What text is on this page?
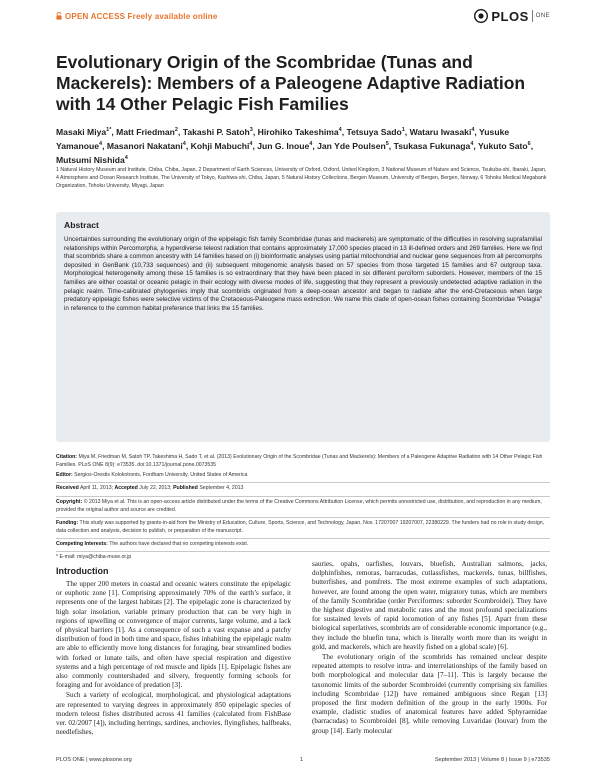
OPEN ACCESS Freely available online	PLOS ONE
Evolutionary Origin of the Scombridae (Tunas and Mackerels): Members of a Paleogene Adaptive Radiation with 14 Other Pelagic Fish Families
Masaki Miya$^{1*}$, Matt Friedman$^2$, Takashi P. Satoh$^3$, Hirohiko Takeshima$^4$, Tetsuya Sado$^1$, Wataru Iwasaki$^4$, Yusuke Yamanoue$^4$, Masanori Nakatani$^4$, Kohji Mabuchi$^4$, Jun G. Inoue$^4$, Jan Yde Poulsen$^5$, Tsukasa Fukunaga$^4$, Yukuto Sato$^6$, Mutsumi Nishida$^4$
1 Natural History Museum and Institute, Chiba, Chiba, Japan, 2 Department of Earth Sciences, University of Oxford, Oxford, United Kingdom, 3 National Museum of Nature and Science, Tsukuba-shi, Ibaraki, Japan, 4 Atmosphere and Ocean Research Institute, The University of Tokyo, Kashiwa-shi, Chiba, Japan, 5 Natural History Collections, Bergen Museum, University of Bergen, Bergen, Norway, 6 Tohoku Medical Megabank Organization, Tohoku University, Miyagi, Japan
Abstract
Uncertainties surrounding the evolutionary origin of the epipelagic fish family Scombridae (tunas and mackerels) are symptomatic of the difficulties in resolving suprafamilial relationships within Percomorpha, a hyperdiverse teleost radiation that contains approximately 17,000 species placed in 13 ill-defined orders and 269 families. Here we find that scombrids share a common ancestry with 14 families based on (i) bioinformatic analyses using partial mitochondrial and nuclear gene sequences from all percomorphs deposited in GenBank (10,733 sequences) and (ii) subsequent mitogenomic analysis based on 57 species from those targeted 15 families and 67 outgroup taxa. Morphological heterogeneity among these 15 families is so extraordinary that they have been placed in six different perciform suborders. However, members of the 15 families are either coastal or oceanic pelagic in their ecology with diverse modes of life, suggesting that they represent a previously undetected adaptive radiation in the pelagic realm. Time-calibrated phylogenies imply that scombrids originated from a deep-ocean ancestor and began to radiate after the end-Cretaceous when large predatory epipelagic fishes were selective victims of the Cretaceous-Paleogene mass extinction. We name this clade of open-ocean fishes containing Scombridae “Pelagia” in reference to the common habitat preference that links the 15 families.
Citation: Miya M, Friedman M, Satoh TP, Takeshima H, Sado T, et al. (2013) Evolutionary Origin of the Scombridae (Tunas and Mackerels): Members of a Paleogene Adaptive Radiation with 14 Other Pelagic Fish Families. PLoS ONE 8(9): e73535. doi:10.1371/journal.pone.0073535
Editor: Sergios-Orestis Kolokotronis, Fordham University, United States of America
Received April 11, 2013; Accepted July 22, 2013; Published September 4, 2013
Copyright: © 2013 Miya et al. This is an open-access article distributed under the terms of the Creative Commons Attribution License, which permits unrestricted use, distribution, and reproduction in any medium, provided the original author and source are credited.
Funding: This study was supported by grants-in-aid from the Ministry of Education, Culture, Sports, Science, and Technology, Japan, Nos. 17207007 19207007, 22380229. The funders had no role in study design, data collection and analysis, decision to publish, or preparation of the manuscript.
Competing Interests: The authors have declared that no competing interests exist.
* E-mail: miya@chiba-muse.or.jp
Introduction

The upper 200 meters in coastal and oceanic waters constitute the epipelagic or euphotic zone [1]. Comprising approximately 70% of the earth’s surface, it represents one of the largest habitats [2]. The epipelagic zone is characterized by high solar insolation, variable primary production that can be very high in regions of upwelling or convergence of major currents, large volume, and a lack of physical barriers [1]. As a consequence of such a vast expanse and a patchy distribution of food in both time and space, fishes inhabiting the epipelagic realm are able to efficiently move long distances for foraging, bear streamlined bodies with forked or lunate tails, and often have special respiration and digestive systems and a high percentage of red muscle and lipids [1]. Epipelagic fishes are also commonly countershaded and silvery, frequently forming schools for foraging and for avoidance of predation [3].

Such a variety of ecological, morphological, and physiological adaptations are represented to varying degrees in approximately 850 epipelagic species of modern teleost fishes distributed across 41 families (calculated from FishBase ver. 02/2007 [4]), including herrings, sardines, anchovies, flyingfishes, halfbeaks, needlefishes,

sauries, opahs, oarfishes, louvars, bluefish, Australian salmons, jacks, dolphinfishes, remoras, barracudas, cutlassfishes, mackerels, tunas, billfishes, butterfishes, and pomfrets. The most extreme examples of such adaptations, however, are found among the open water, migratory tunas, which are members of the family Scombridae (order Perciformes: suborder Scombroidei). They have the highest digestive and metabolic rates and the most profound specializations for sustained levels of rapid locomotion of any fishes [5]. Apart from these biological superlatives, scombrids are of considerable economic importance (e.g., they include the bluefin tuna, which is literally worth more than its weight in gold, and mackerels, which are heavily fished on a global scale) [6].

The evolutionary origin of the scombrids has remained unclear despite repeated attempts to resolve intra- and interrelationships of the family based on both morphological and molecular data [7–11]. This is largely because the taxonomic limits of the suborder Scombroidei (currently comprising six families including Scombridae [12]) have remained ambiguous since Regan [13] proposed the first modern definition of the group in the early 1900s. For example, cladistic studies of anatomical features have added Sphyraenidae (barracudas) to Scombroidei [8], while removing Luvaridae (louvar) from the group [14]. Early molecular

PLOS ONE | www.plosone.org	1	September 2013 | Volume 8 | Issue 9 | e73535
